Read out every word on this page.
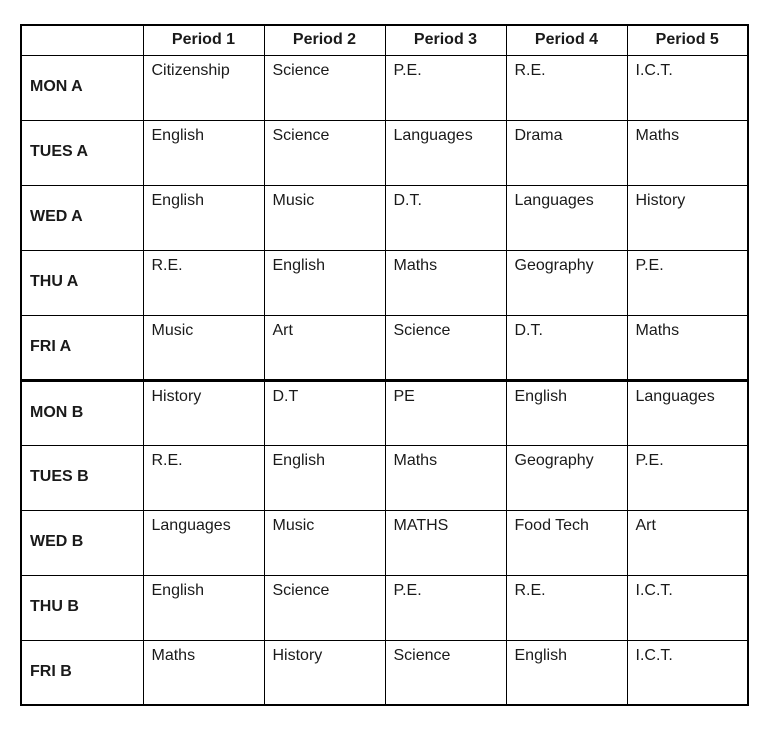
	Period 1	Period 2	Period 3	Period 4	Period 5
MON A	Citizenship	Science	P.E.	R.E.	I.C.T.
TUES A	English	Science	Languages	Drama	Maths
WED A	English	Music	D.T.	Languages	History
THU A	R.E.	English	Maths	Geography	P.E.
FRI A	Music	Art	Science	D.T.	Maths
MON B	History	D.T	PE	English	Languages
TUES B	R.E.	English	Maths	Geography	P.E.
WED B	Languages	Music	MATHS	Food Tech	Art
THU B	English	Science	P.E.	R.E.	I.C.T.
FRI B	Maths	History	Science	English	I.C.T.
